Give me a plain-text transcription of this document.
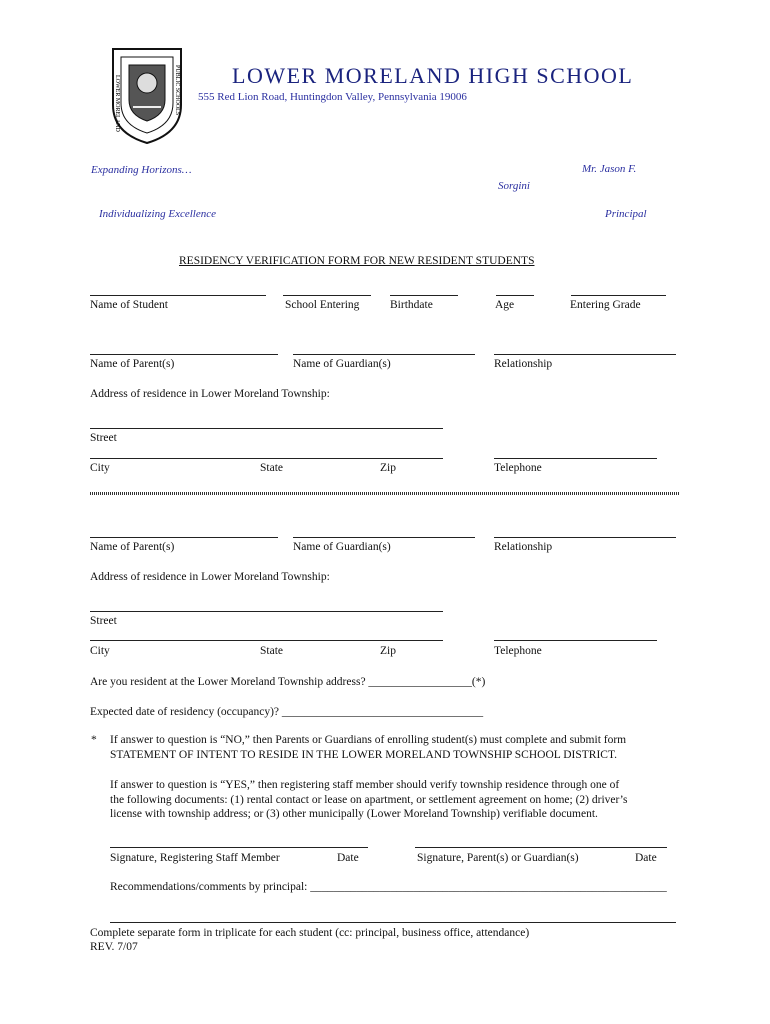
LOWER MORELAND	PUBLIC SCHOOLS LOWER MORELAND HIGH SCHOOL
555 Red Lion Road, Huntingdon Valley, Pennsylvania 19006
Expanding Horizons…	Mr. Jason F.
Sorgini
Individualizing Excellence	Principal
RESIDENCY VERIFICATION FORM FOR NEW RESIDENT STUDENTS
Name of Student	School Entering	Birthdate	Age	Entering Grade
Name of Parent(s)	Name of Guardian(s)	Relationship
Address of residence in Lower Moreland Township:
Street
City	State	Zip	Telephone
Name of Parent(s)	Name of Guardian(s)	Relationship
Address of residence in Lower Moreland Township:
Street
City	State	Zip	Telephone
Are you resident at the Lower Moreland Township address? __________________(*)
Expected date of residency (occupancy)? ___________________________________
* If answer to question is “NO,” then Parents or Guardians of enrolling student(s) must complete and submit form
STATEMENT OF INTENT TO RESIDE IN THE LOWER MORELAND TOWNSHIP SCHOOL DISTRICT.
If answer to question is “YES,” then registering staff member should verify township residence through one of
the following documents: (1) rental contact or lease on apartment, or settlement agreement on home; (2) driver’s
license with township address; or (3) other municipally (Lower Moreland Township) verifiable document.
Signature, Registering Staff Member	Date	Signature, Parent(s) or Guardian(s)	Date
Recommendations/comments by principal: ______________________________________________________________
Complete separate form in triplicate for each student (cc: principal, business office, attendance)
REV. 7/07
